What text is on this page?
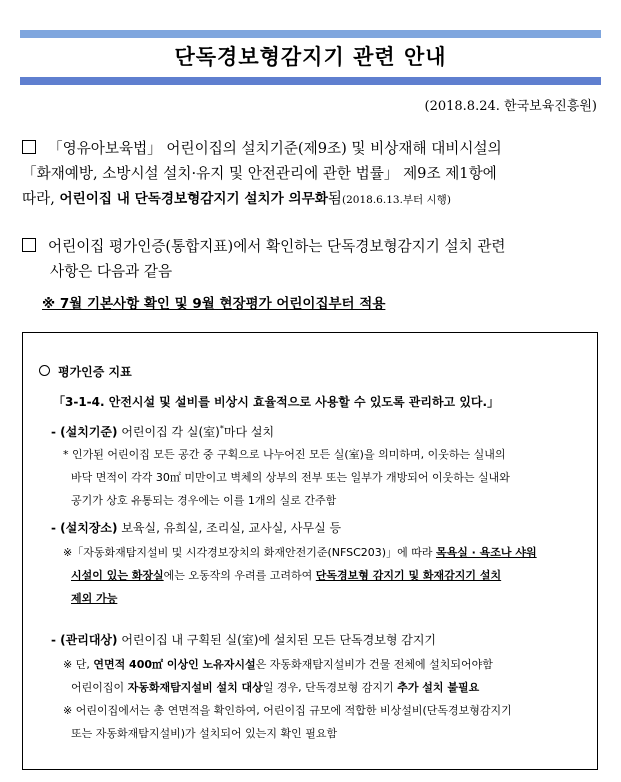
단독경보형감지기 관련 안내
(2018.8.24. 한국보육진흥원)
「영유아보육법」 어린이집의 설치기준(제9조) 및 비상재해 대비시설의
「화재예방, 소방시설 설치·유지 및 안전관리에 관한 법률」 제9조 제1항에
따라, 어린이집 내 단독경보형감지기 설치가 의무화됨(2018.6.13.부터 시행)
어린이집 평가인증(통합지표)에서 확인하는 단독경보형감지기 설치 관련
사항은 다음과 같음
※ 7월 기본사항 확인 및 9월 현장평가 어린이집부터 적용
평가인증 지표
「3-1-4. 안전시설 및 설비를 비상시 효율적으로 사용할 수 있도록 관리하고 있다.」
- (설치기준) 어린이집 각 실(室)*마다 설치
* 인가된 어린이집 모든 공간 중 구획으로 나누어진 모든 실(室)을 의미하며, 이웃하는 실내의
바닥 면적이 각각 30㎡ 미만이고 벽체의 상부의 전부 또는 일부가 개방되어 이웃하는 실내와
공기가 상호 유통되는 경우에는 이를 1개의 실로 간주함
- (설치장소) 보육실, 유희실, 조리실, 교사실, 사무실 등
※「자동화재탐지설비 및 시각경보장치의 화재안전기준(NFSC203)」에 따라 목욕실 · 욕조나 샤워
시설이 있는 화장실에는 오동작의 우려를 고려하여 단독경보형 감지기 및 화재감지기 설치
제외 가능
- (관리대상) 어린이집 내 구획된 실(室)에 설치된 모든 단독경보형 감지기
※ 단, 연면적 400㎡ 이상인 노유자시설은 자동화재탐지설비가 건물 전체에 설치되어야함
어린이집이 자동화재탐지설비 설치 대상일 경우, 단독경보형 감지기 추가 설치 불필요
※ 어린이집에서는 총 연면적을 확인하여, 어린이집 규모에 적합한 비상설비(단독경보형감지기
또는 자동화재탐지설비)가 설치되어 있는지 확인 필요함
